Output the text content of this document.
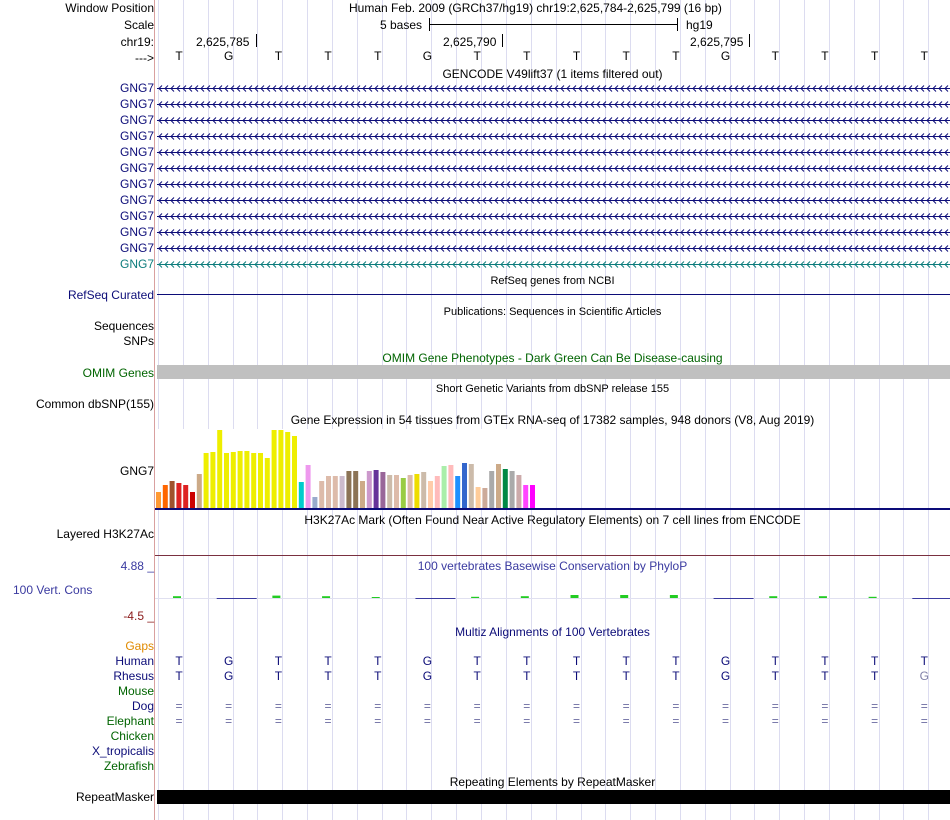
Window Position	Human Feb. 2009 (GRCh37/hg19) chr19:2,625,784-2,625,799 (16 bp)
Scale	5 bases	hg19
chr19:	2,625,785	2,625,790	2,625,795
--->	T	G	T	T	T	G	T	T	T	T	T	G	T	T	T	T
GENCODE V49lift37 (1 items filtered out)
GNG7
GNG7
GNG7
GNG7
GNG7
GNG7
GNG7
GNG7
GNG7
GNG7
GNG7
GNG7
RefSeq genes from NCBI
RefSeq Curated
Publications: Sequences in Scientific Articles
Sequences
SNPs
OMIM Gene Phenotypes - Dark Green Can Be Disease-causing
OMIM Genes
Short Genetic Variants from dbSNP release 155
Common dbSNP(155)
Gene Expression in 54 tissues from GTEx RNA-seq of 17382 samples, 948 donors (V8, Aug 2019)
GNG7
H3K27Ac Mark (Often Found Near Active Regulatory Elements) on 7 cell lines from ENCODE
Layered H3K27Ac
100 vertebrates Basewise Conservation by PhyloP
4.88 _
100 Vert. Cons
-4.5 _
Multiz Alignments of 100 Vertebrates
Gaps
Human	T	G	T	T	T	G	T	T	T	T	T	G	T	T	T	T
Rhesus	T	G	T	T	T	G	T	T	T	T	T	G	T	T	T	G
Mouse
Dog	=	=	=	=	=	=	=	=	=	=	=	=	=	=	=	=
Elephant	=	=	=	=	=	=	=	=	=	=	=	=	=	=	=	=
Chicken
X_tropicalis
Zebrafish
Repeating Elements by RepeatMasker
RepeatMasker
